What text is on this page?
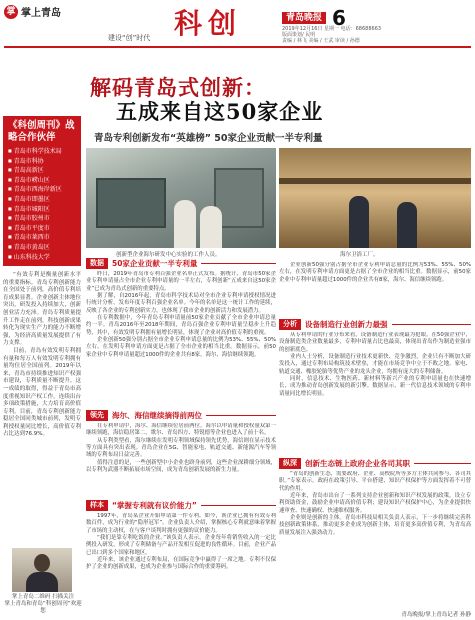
掌 掌上青岛	科创
建设“创”时代
青岛晚报 6
2019年12月16日 星期一 电话：68688663
版面策划/ 民明
责编 / 林飞 美编 / 王武 审读 / 孙德
解码青岛式创新：
五成来自这50家企业
青岛专利创新发布“英雄榜” 50家企业贡献一半专利量
《科创周刊》战略合作伙伴
■ 青岛市科学技术局
■ 青岛市科协
■ 青岛高新区
■ 青岛市崂山区
■ 青岛市西海岸新区
■ 青岛市即墨区
■ 青岛市城阳区
■ 青岛市胶州市
■ 青岛市平度市
■ 青岛市莱西市
■ 青岛市黄岛区
■ 山东科技大学

“有效专利是衡量创新水平的重要指标。青岛专利创新能力在全国处于前列，高价值专利培育成果显著。企业创新主体地位突出，研发投入持续加大，创新创业活力充沛。青岛专利质量提升工作走在前列，科技创新成果转化为现实生产力的能力不断增强，为经济高质量发展提供了有力支撑。

目前，青岛有效发明专利拥有量和每万人有效发明专利拥有量均位居全国前列。2019年以来，青岛市持续推进知识产权强市建设，专利质量不断提升。这一成绩的取得，得益于青岛市高度重视知识产权工作，连续出台多项政策措施，大力培育高价值专利。目前，青岛专利创新能力稳居全国同类城市前列，发明专利授权量同比增长，高价值专利占比达到76.9%。

掌上青岛二维码 扫描关注
掌上青岛和青岛“科创周刊”欢迎您
创新型企业海尔研发中心实验的工作人员。	海尔卫浴工厂。
数据	50家企业贡献一半专利量

昨日，2019年青岛市专利百强企业名单正式发布。据统计，青岛市50家企业专利申请量占全市企业专利申请量的一半左右，专利创新“五成来自这50家企业”已成为青岛式创新的重要特点。

据了解，自2016年起，青岛市科学技术局对全市企业专利申请授权情况进行统计分析，发布年度专利百强企业名单。今年的名单是这一统计工作的延续，反映了各企业的专利创新实力，也体现了我市企业的创新活力和发展潜力。

在专利数据中，今年青岛专利申请量前50家企业贡献了全市企业申请总量约一半。青岛2016年至2018年期间，青岛百强企业专利申请量呈稳步上升趋势，其中，有效发明专利拥有量增长明显，体现了企业对高价值专利的重视。

企业创新50强分别占据全市企业专利申请总量的比例为53%、55%、50%左右，在发明专利申请方面更是占据了全市企业的相当比重。数据显示，前50家企业中专利申请量超过1000件的企业共有8家，海尔、海信继续领跑。

领先	海尔、海信继续摘得前两位

在专利申请中，海尔、海信继续位居前两位。海尔以申请量和授权量双第一继续领跑，海信稳居第二，歌尔、青岛四方、特锐德等企业也进入了前十名。

从专利类型看，海尔继续在发明专利领域保持领先优势，海信则在显示技术等方面具有突出表现。青岛企业在5G、智能家电、轨道交通、新能源汽车等领域的专利布局日益完善。

值得注意的是，一些创新型中小企业也跻身前列，这些企业深耕细分领域，以专利为武器不断拓展市场空间，成为青岛创新发展的新生力量。

样本	“掌握专利就有议价能力”

1997年，青岛某企业开始申请第一件专利。如今，该企业已拥有有效专利数百件，成为行业的“隐形冠军”。企业负责人介绍，掌握核心专利就意味着掌握了市场的主动权，在与客户谈判时拥有更强的议价能力。

“我们是靠专利吃饭的企业。”该负责人表示，企业每年将销售收入的一定比例投入研发，形成了专利储备与产品开发相互促进的良性循环。目前，企业产品已出口到多个国家和地区。

近年来，该企业通过专利布局，在国际竞争中赢得了一席之地。专利不仅保护了企业的创新成果，也成为企业参与国际合作的重要筹码。

企业创新50强分别占据全市企业专利申请总量的比例为53%、55%、50%左右，在发明专利申请方面更是占据了全市企业的相当比重。数据显示，前50家企业中专利申请量超过1000件的企业共有8家，海尔、海信继续领跑。

分析	设备制造行业创新力最强

从专利申请的行业分布来看，设备制造行业表现最为抢眼。在50强企业中，设备制造类企业数量最多，专利申请量占比也最高，体现出青岛作为制造业强市的创新底色。

业内人士分析，设备制造行业技术更新快、竞争激烈，企业只有不断加大研发投入，通过专利布局构筑技术壁垒，才能在市场竞争中立于不败之地。家电、轨道交通、橡胶轮胎等优势产业的龙头企业，均拥有庞大的专利储备。

同时，信息技术、生物医药、新材料等新兴产业的专利申请量也在快速增长，成为推动青岛创新发展的新引擎。数据显示，新一代信息技术领域的专利申请量同比增长明显。

纵深	创新生态链上政府企业各司其职

“青岛的创新生态，需要政府、企业、高校院所等多方主体共同参与、各司其职。”专家表示，政府在政策引导、平台搭建、知识产权保护等方面发挥着不可替代的作用。

近年来，青岛市出台了一系列支持企业创新和知识产权发展的政策，设立专利资助资金，鼓励企业申请高价值专利；建设知识产权保护中心，为企业提供快速审查、快速确权、快速维权服务。

企业则是创新的主体。青岛市科技局相关负责人表示，下一步将继续完善科技创新政策体系，推动更多企业成为创新主体，培育更多高价值专利，为青岛高质量发展注入强劲动力。

青岛晚报/掌上青岛记者 孙静
